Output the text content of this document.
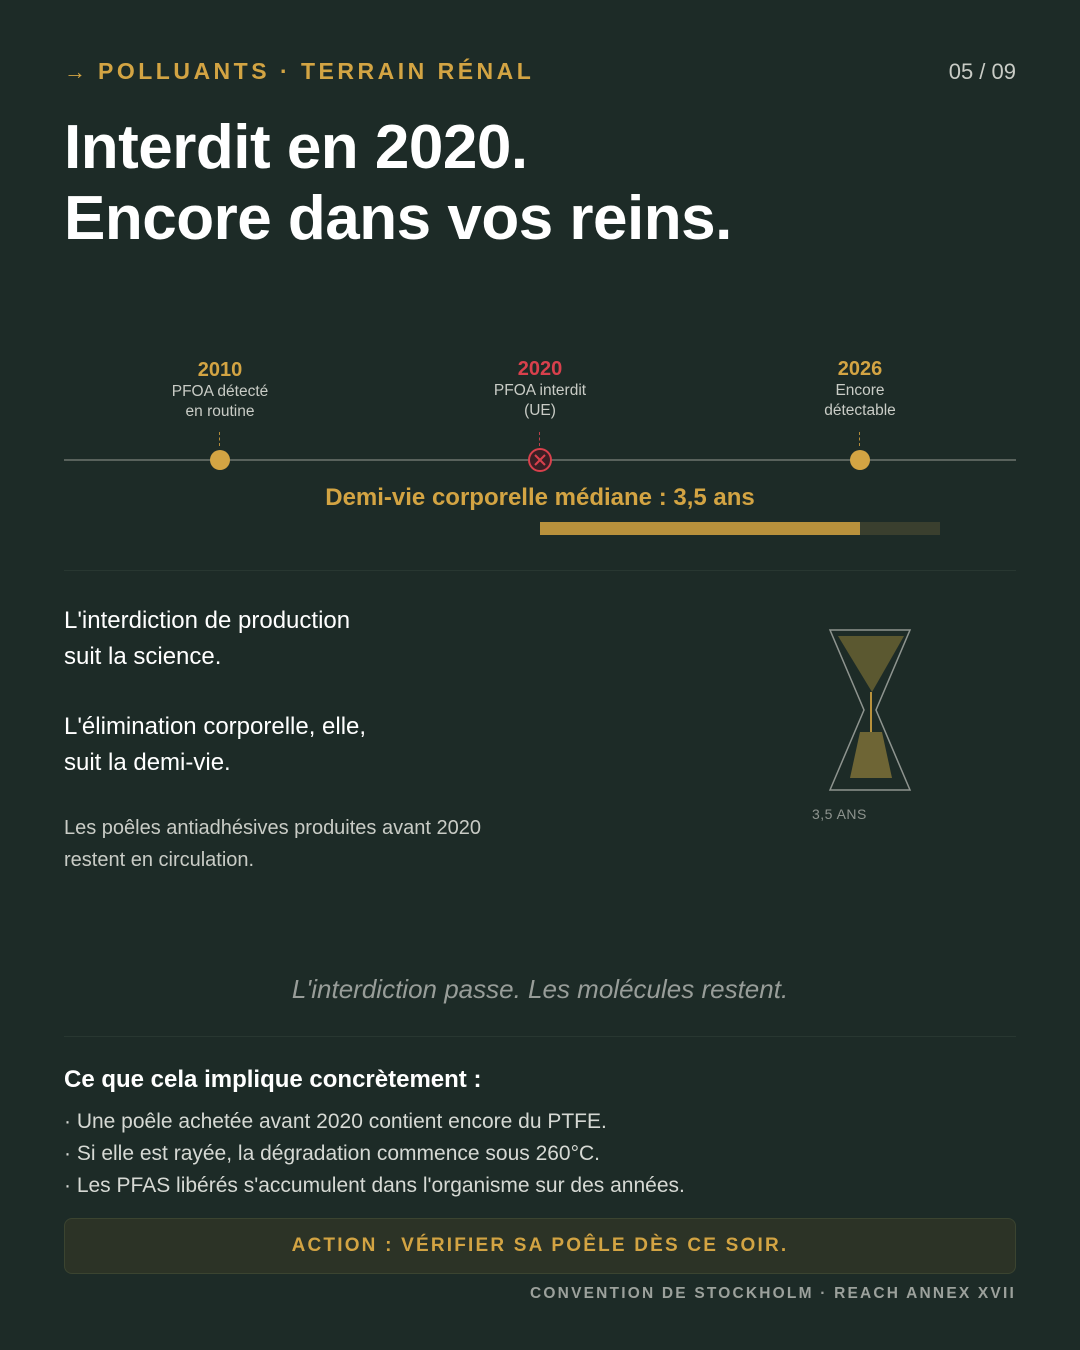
→ POLLUANTS · TERRAIN RÉNAL	05 / 09
Interdit en 2020.
Encore dans vos reins.
2010
PFOA détecté
en routine
2020
PFOA interdit
(UE)
2026
Encore
détectable
Demi-vie corporelle médiane : 3,5 ans
L'interdiction de production
suit la science.
L'élimination corporelle, elle,
suit la demi-vie.
Les poêles antiadhésives produites avant 2020
restent en circulation.
3,5 ANS
L'interdiction passe. Les molécules restent.
Ce que cela implique concrètement :
· Une poêle achetée avant 2020 contient encore du PTFE.
· Si elle est rayée, la dégradation commence sous 260°C.
· Les PFAS libérés s'accumulent dans l'organisme sur des années.
ACTION : VÉRIFIER SA POÊLE DÈS CE SOIR.
CONVENTION DE STOCKHOLM · REACH ANNEX XVII
